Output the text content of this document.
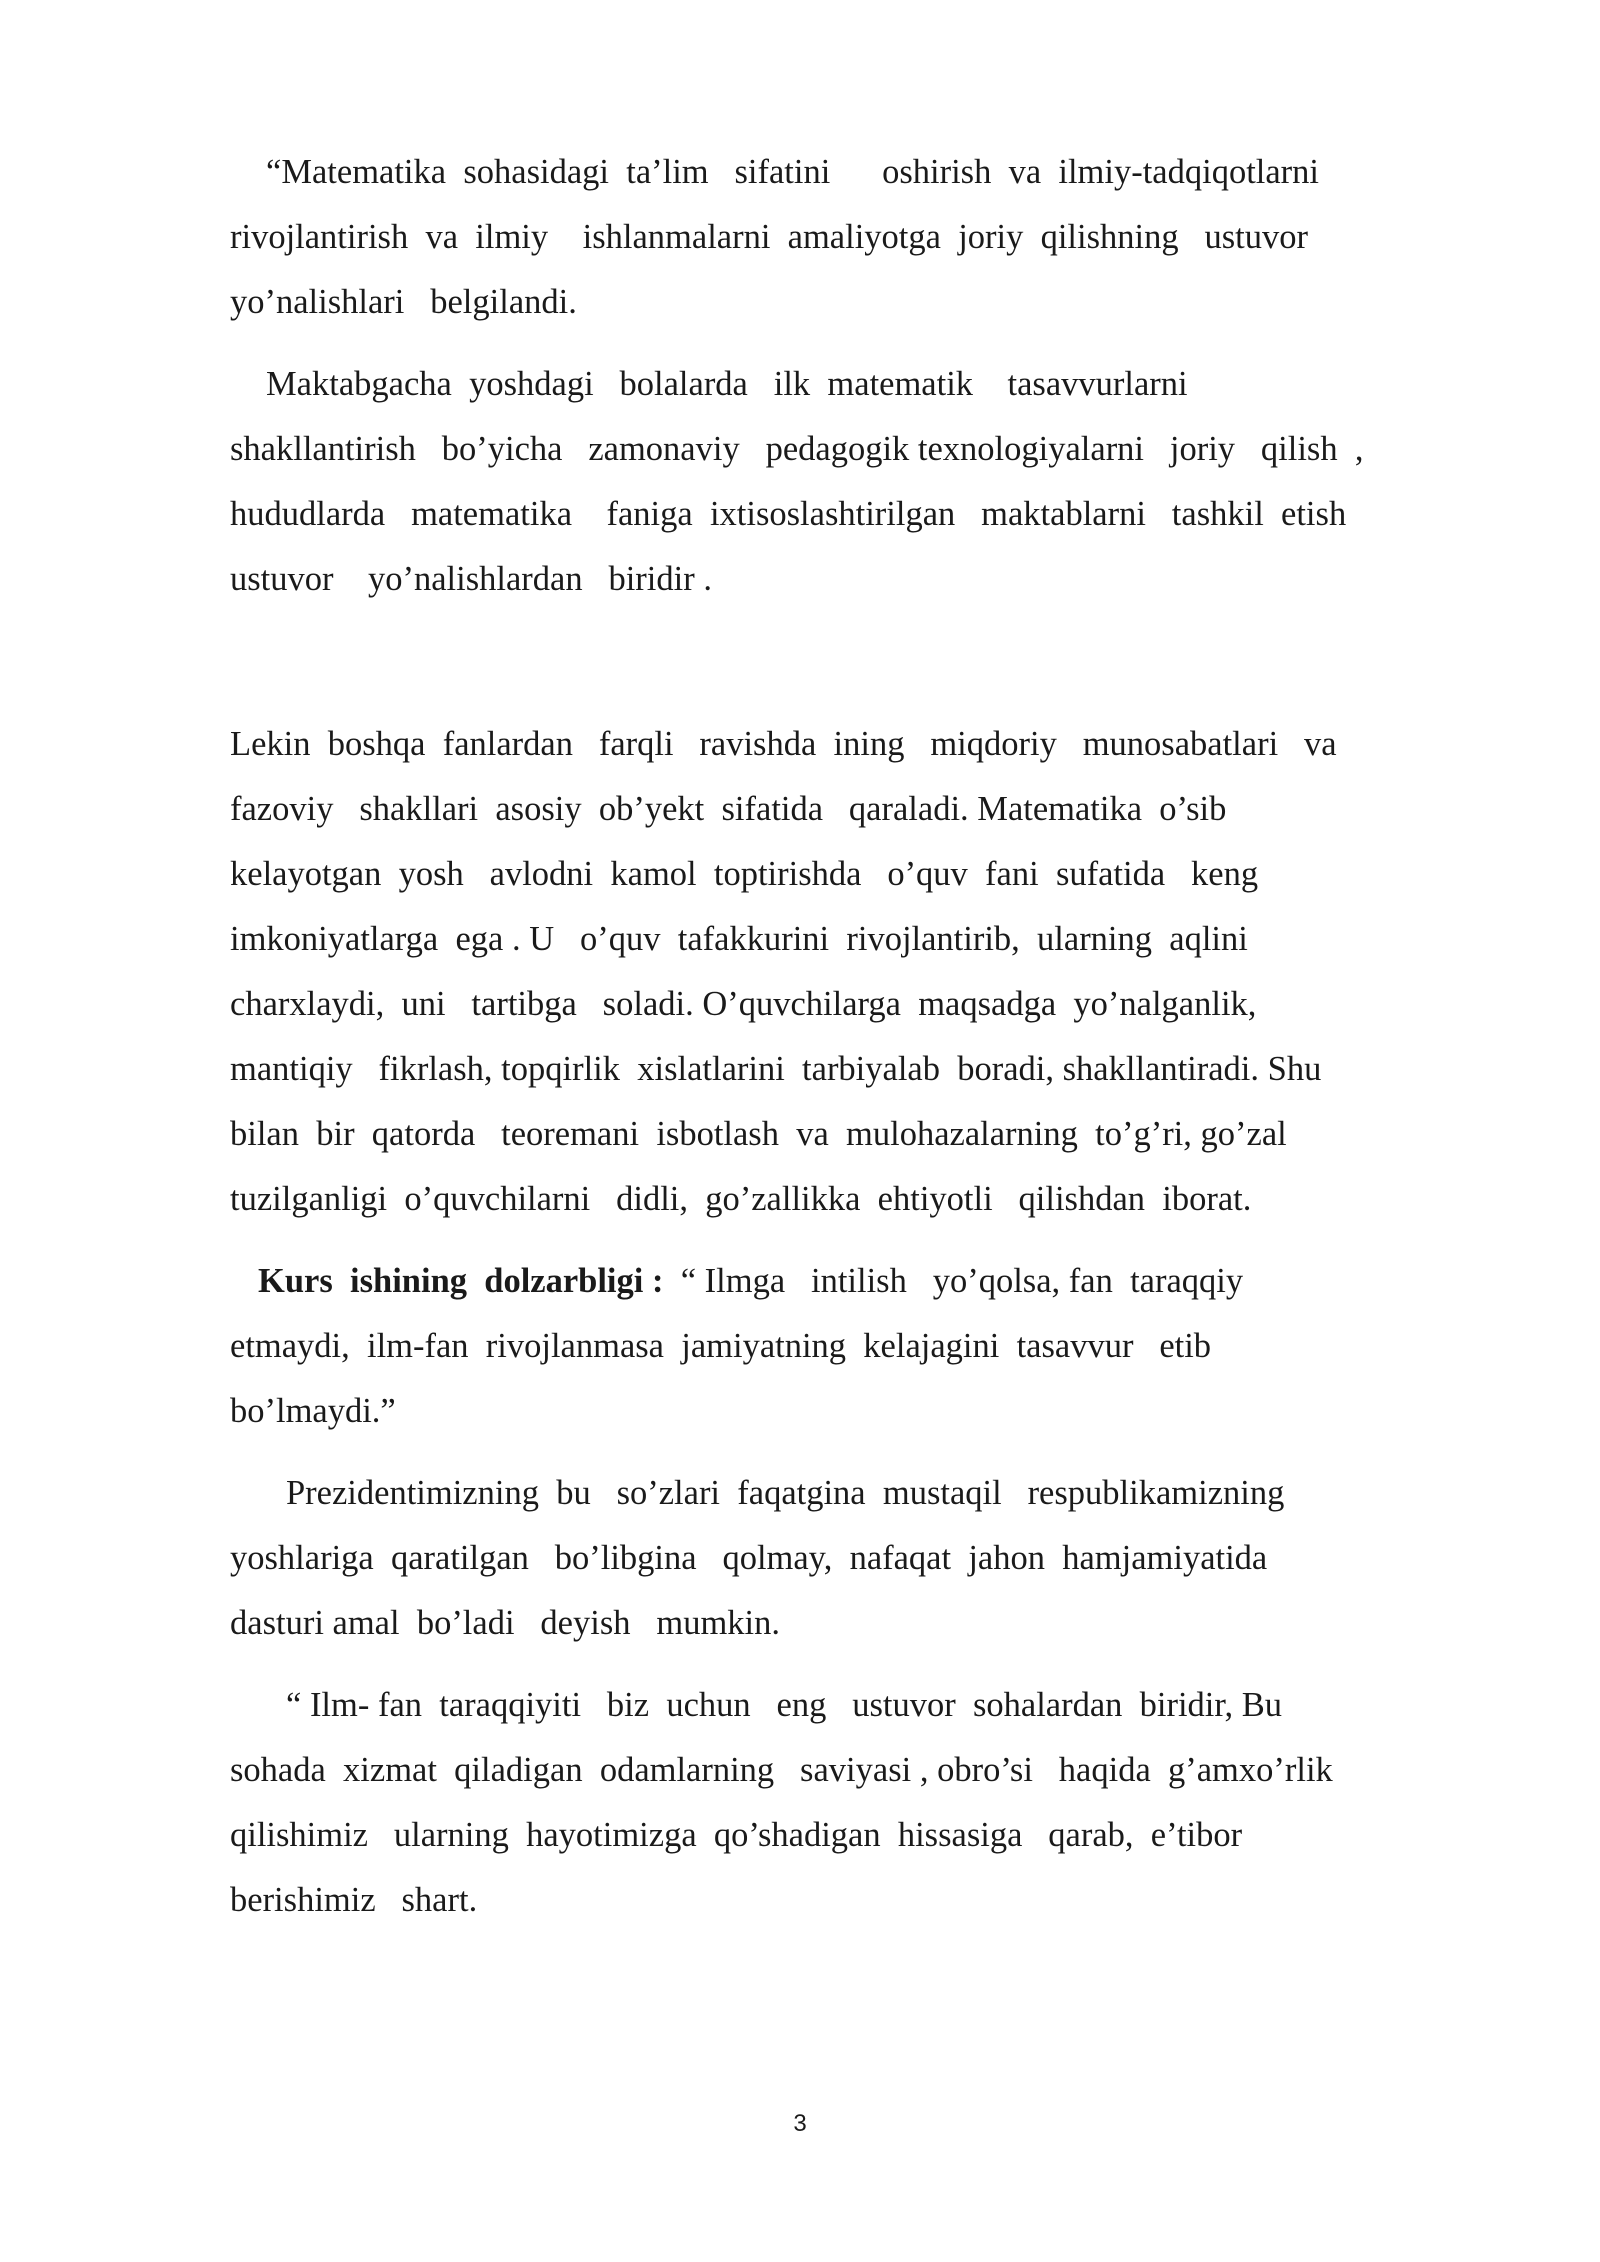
“Matematika  sohasidagi  ta’lim   sifatini      oshirish  va  ilmiy-tadqiqotlarni

rivojlantirish  va  ilmiy    ishlanmalarni  amaliyotga  joriy  qilishning   ustuvor

yo’nalishlari   belgilandi.

Maktabgacha  yoshdagi   bolalarda   ilk  matematik    tasavvurlarni

shakllantirish   bo’yicha   zamonaviy   pedagogik texnologiyalarni   joriy   qilish  ,

hududlarda   matematika    faniga  ixtisoslashtirilgan   maktablarni   tashkil  etish

ustuvor    yo’nalishlardan   biridir .

Lekin  boshqa  fanlardan   farqli   ravishda  ining   miqdoriy   munosabatlari   va

fazoviy   shakllari  asosiy  ob’yekt  sifatida   qaraladi. Matematika  o’sib

kelayotgan  yosh   avlodni  kamol  toptirishda   o’quv  fani  sufatida   keng

imkoniyatlarga  ega . U   o’quv  tafakkurini  rivojlantirib,  ularning  aqlini

charxlaydi,  uni   tartibga   soladi. O’quvchilarga  maqsadga  yo’nalganlik,

mantiqiy   fikrlash, topqirlik  xislatlarini  tarbiyalab  boradi, shakllantiradi. Shu

bilan  bir  qatorda   teoremani  isbotlash  va  mulohazalarning  to’g’ri, go’zal

tuzilganligi  o’quvchilarni   didli,  go’zallikka  ehtiyotli   qilishdan  iborat.

Kurs  ishining  dolzarbligi :  “ Ilmga   intilish   yo’qolsa, fan  taraqqiy

etmaydi,  ilm-fan  rivojlanmasa  jamiyatning  kelajagini  tasavvur   etib

bo’lmaydi.”

Prezidentimizning  bu   so’zlari  faqatgina  mustaqil   respublikamizning

yoshlariga  qaratilgan   bo’libgina   qolmay,  nafaqat  jahon  hamjamiyatida

dasturi amal  bo’ladi   deyish   mumkin.

“ Ilm- fan  taraqqiyiti   biz  uchun   eng   ustuvor  sohalardan  biridir, Bu

sohada  xizmat  qiladigan  odamlarning   saviyasi , obro’si   haqida  g’amxo’rlik

qilishimiz   ularning  hayotimizga  qo’shadigan  hissasiga   qarab,  e’tibor

berishimiz   shart.

3
